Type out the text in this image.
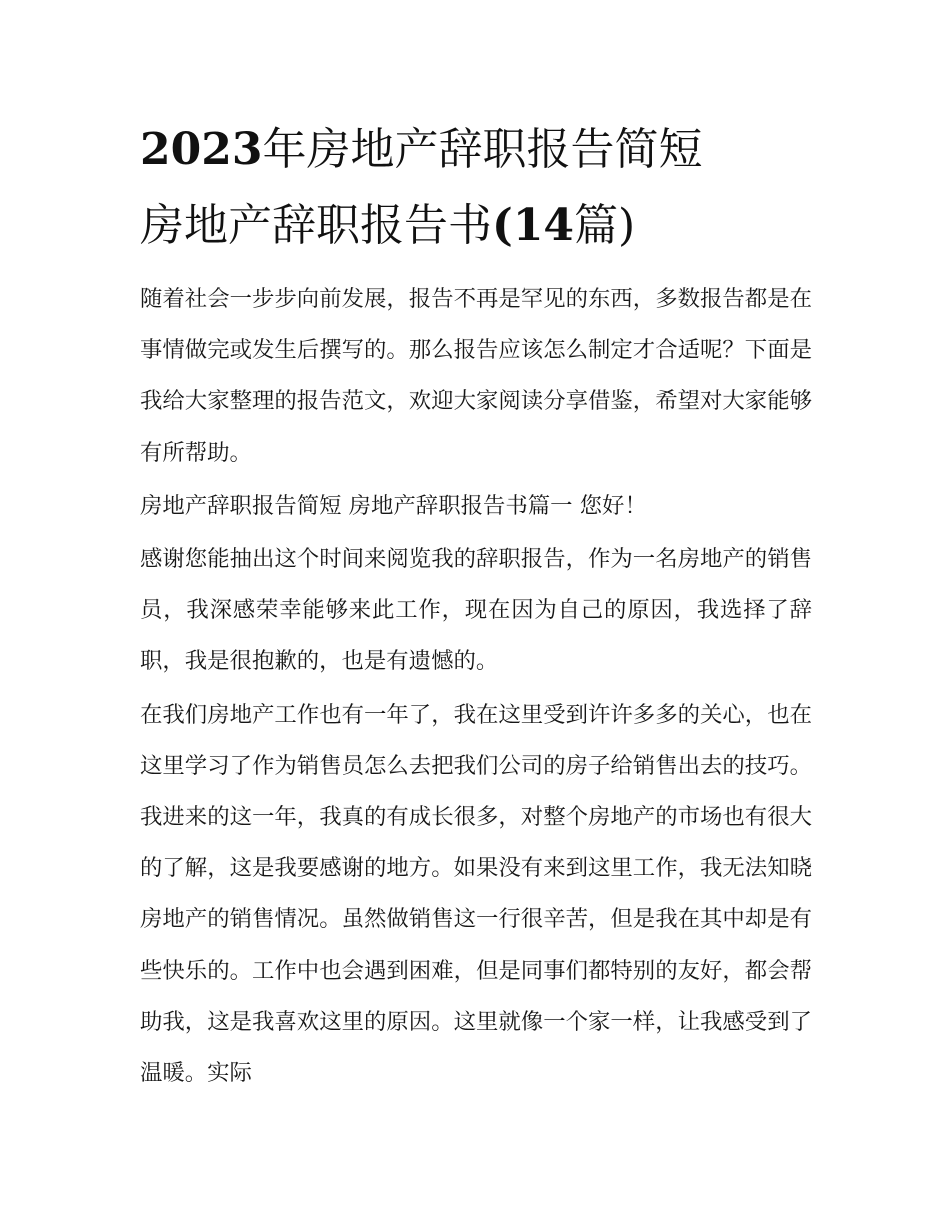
2023年房地产辞职报告简短
房地产辞职报告书(14篇)

随着社会一步步向前发展，报告不再是罕见的东西，多数报告都是在事情做完或发生后撰写的。那么报告应该怎么制定才合适呢？下面是我给大家整理的报告范文，欢迎大家阅读分享借鉴，希望对大家能够有所帮助。

房地产辞职报告简短 房地产辞职报告书篇一 您好！

感谢您能抽出这个时间来阅览我的辞职报告，作为一名房地产的销售员，我深感荣幸能够来此工作，现在因为自己的原因，我选择了辞职，我是很抱歉的，也是有遗憾的。

在我们房地产工作也有一年了，我在这里受到许许多多的关心，也在这里学习了作为销售员怎么去把我们公司的房子给销售出去的技巧。我进来的这一年，我真的有成长很多，对整个房地产的市场也有很大的了解，这是我要感谢的地方。如果没有来到这里工作，我无法知晓房地产的销售情况。虽然做销售这一行很辛苦，但是我在其中却是有些快乐的。工作中也会遇到困难，但是同事们都特别的友好，都会帮助我，这是我喜欢这里的原因。这里就像一个家一样，让我感受到了温暖。实际
